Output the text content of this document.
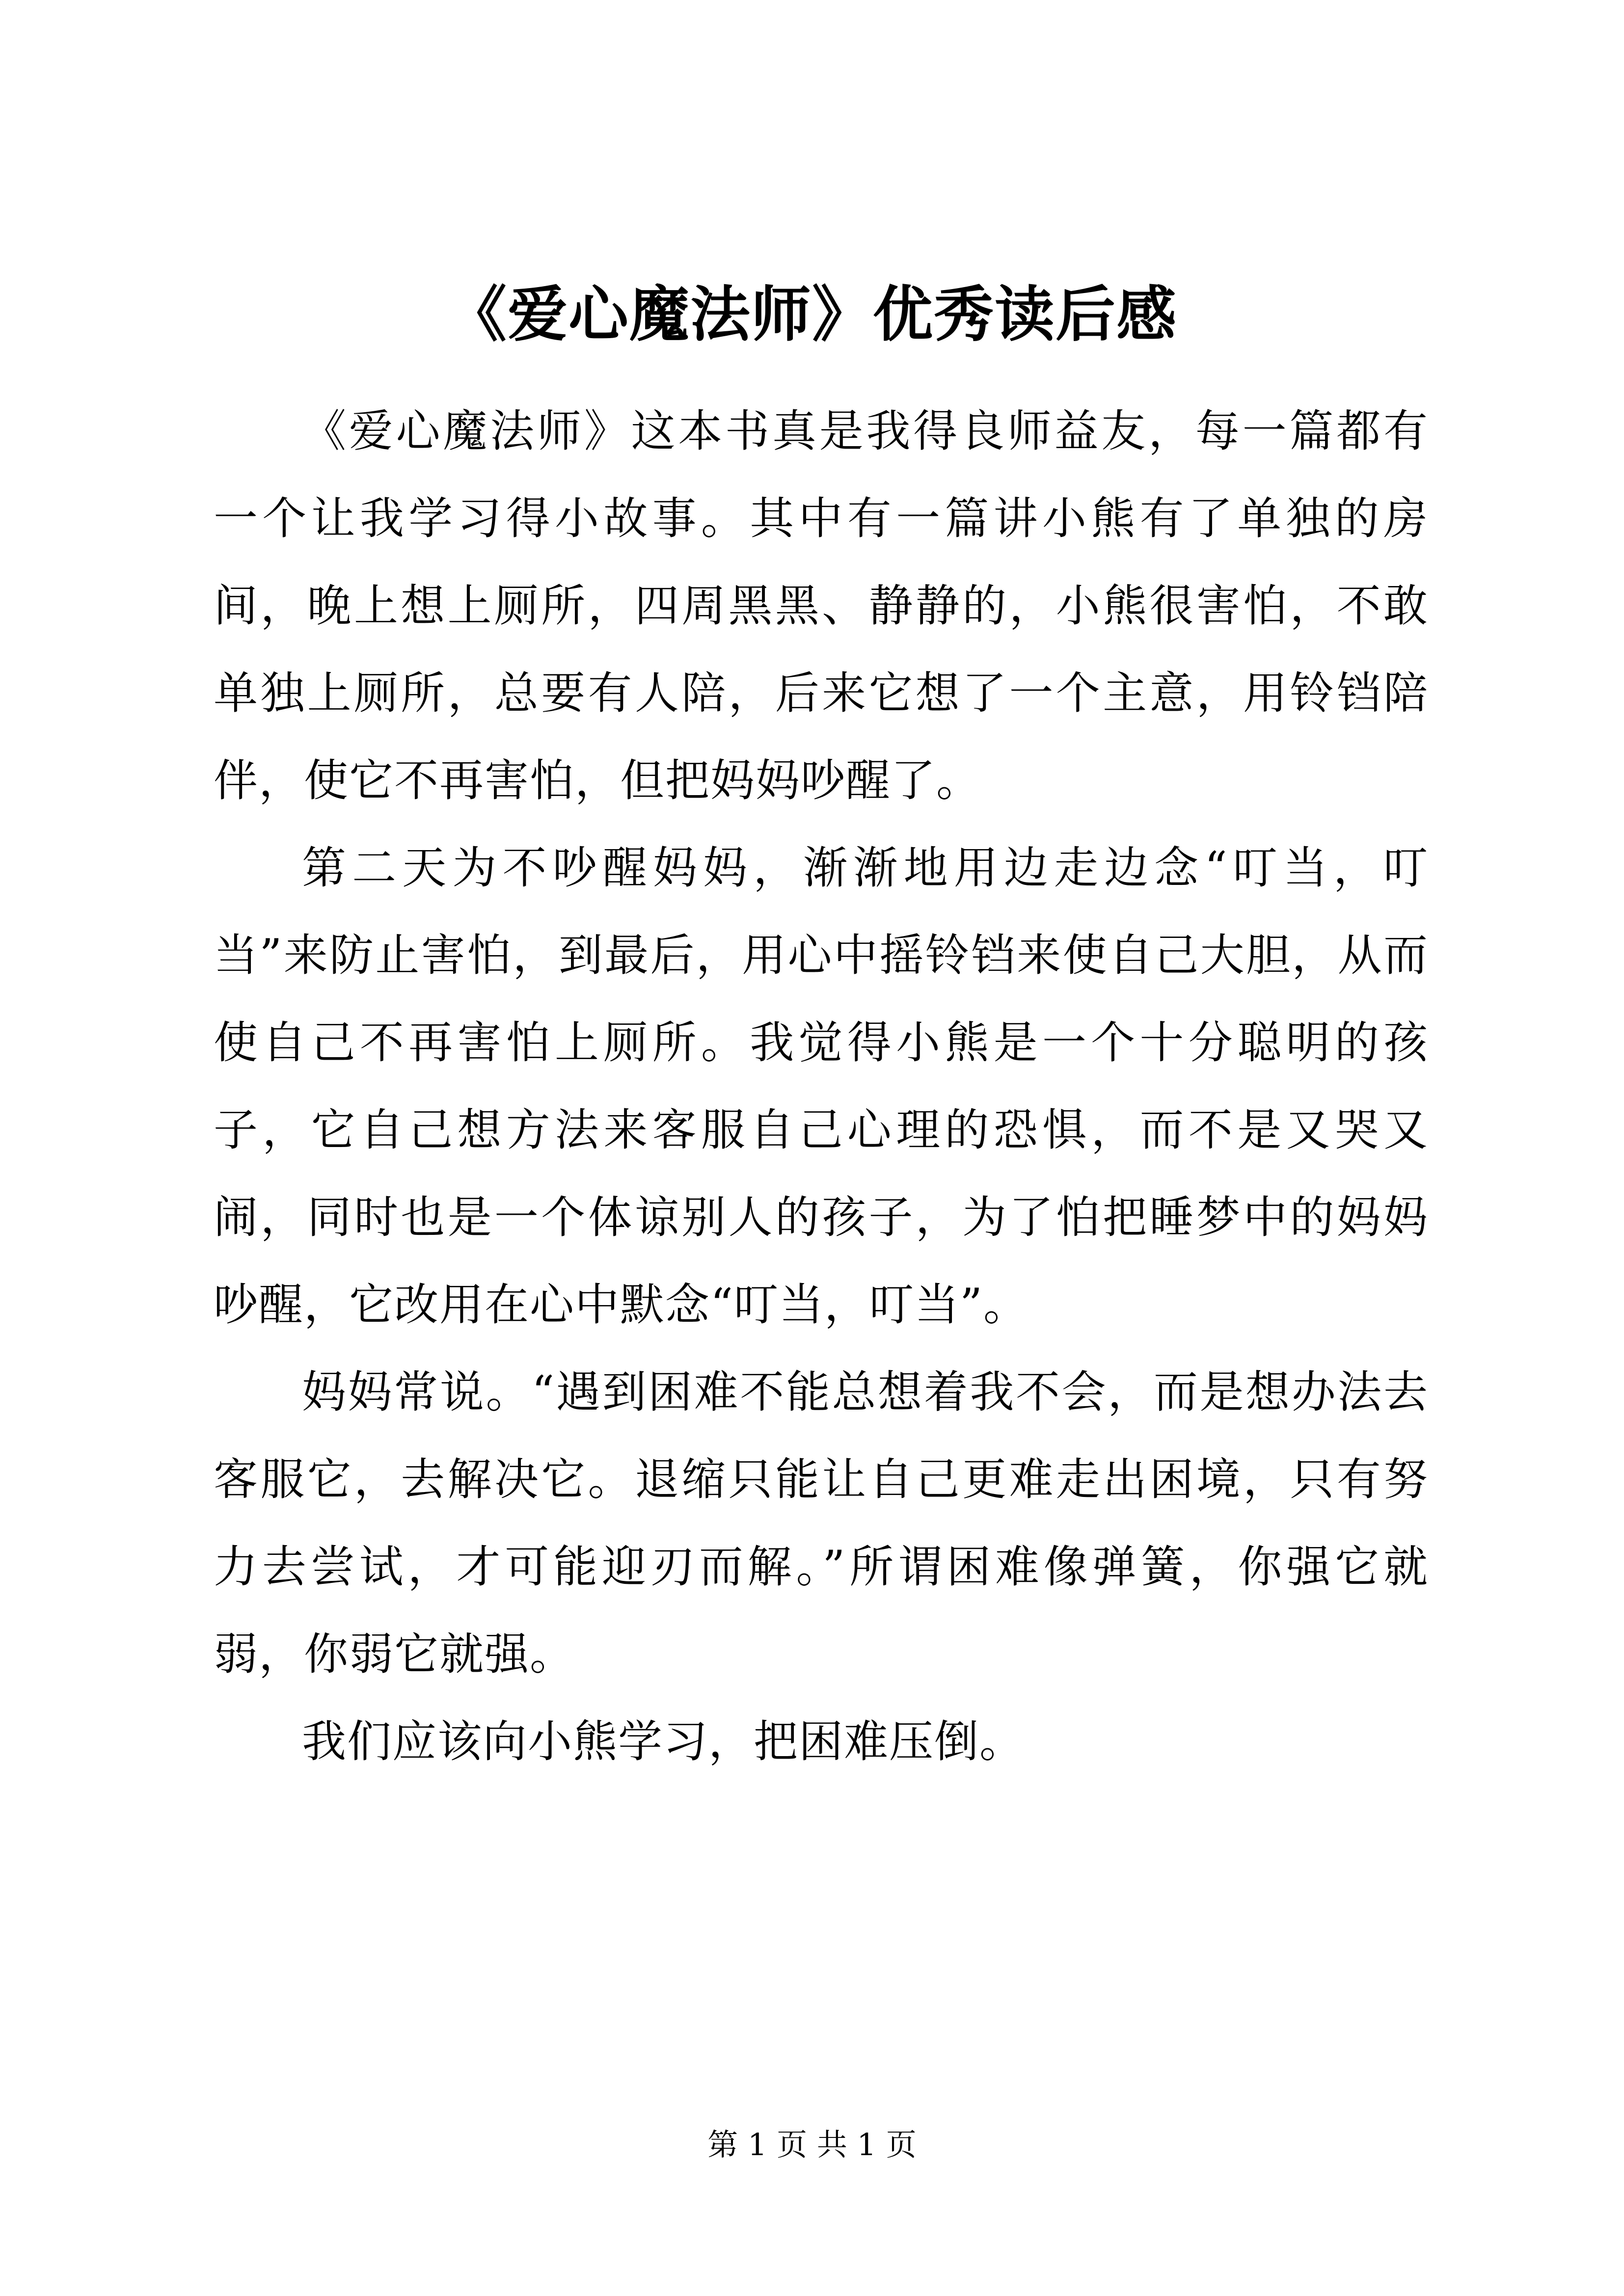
《爱心魔法师》优秀读后感

《爱心魔法师》这本书真是我得良师益友，每一篇都有一个让我学习得小故事。其中有一篇讲小熊有了单独的房间，晚上想上厕所，四周黑黑、静静的，小熊很害怕，不敢单独上厕所，总要有人陪，后来它想了一个主意，用铃铛陪伴，使它不再害怕，但把妈妈吵醒了。

第二天为不吵醒妈妈，渐渐地用边走边念“叮当，叮当”来防止害怕，到最后，用心中摇铃铛来使自己大胆，从而使自己不再害怕上厕所。我觉得小熊是一个十分聪明的孩子，它自己想方法来客服自己心理的恐惧，而不是又哭又闹，同时也是一个体谅别人的孩子，为了怕把睡梦中的妈妈吵醒，它改用在心中默念“叮当，叮当”。

妈妈常说。“遇到困难不能总想着我不会，而是想办法去客服它，去解决它。退缩只能让自己更难走出困境，只有努力去尝试，才可能迎刃而解。”所谓困难像弹簧，你强它就弱，你弱它就强。

我们应该向小熊学习，把困难压倒。

第 1 页 共 1 页
